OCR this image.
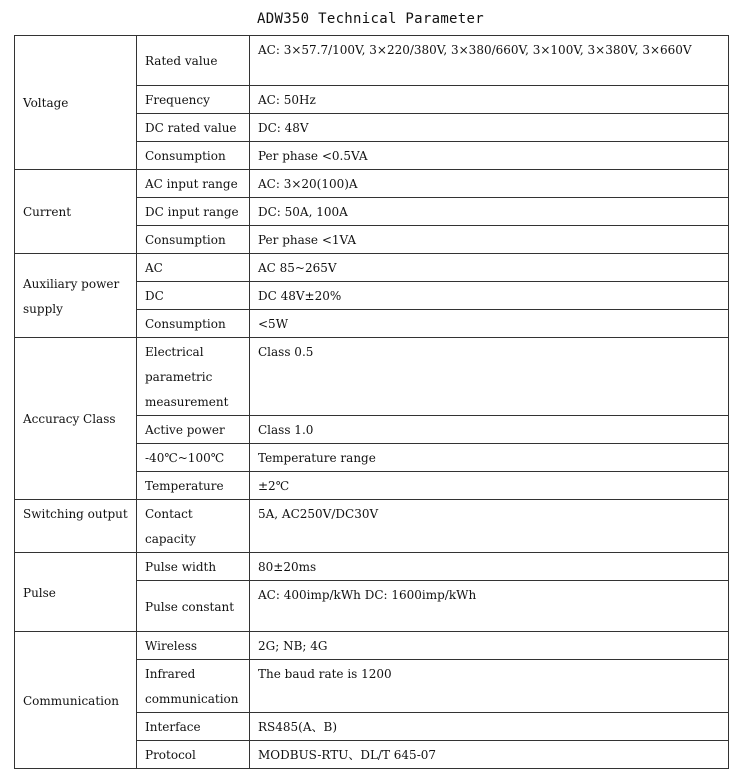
ADW350 Technical Parameter
Voltage	Rated value	AC: 3×57.7/100V, 3×220/380V, 3×380/660V, 3×100V, 3×380V, 3×660V
	Frequency	AC: 50Hz
	DC rated value	DC: 48V
	Consumption	Per phase <0.5VA
Current	AC input range	AC: 3×20(100)A
	DC input range	DC: 50A, 100A
	Consumption	Per phase <1VA
Auxiliary power supply	AC	AC 85~265V
	DC	DC 48V±20%
	Consumption	<5W
Accuracy Class	Electrical parametric measurement	Class 0.5
	Active power	Class 1.0
	-40℃~100℃	Temperature range
	Temperature	±2℃
Switching output	Contact capacity	5A, AC250V/DC30V
Pulse	Pulse width	80±20ms
	Pulse constant	AC: 400imp/kWh DC: 1600imp/kWh
Communication	Wireless	2G; NB; 4G
	Infrared communication	The baud rate is 1200
	Interface	RS485(A、B)
	Protocol	MODBUS-RTU、DL/T 645-07
